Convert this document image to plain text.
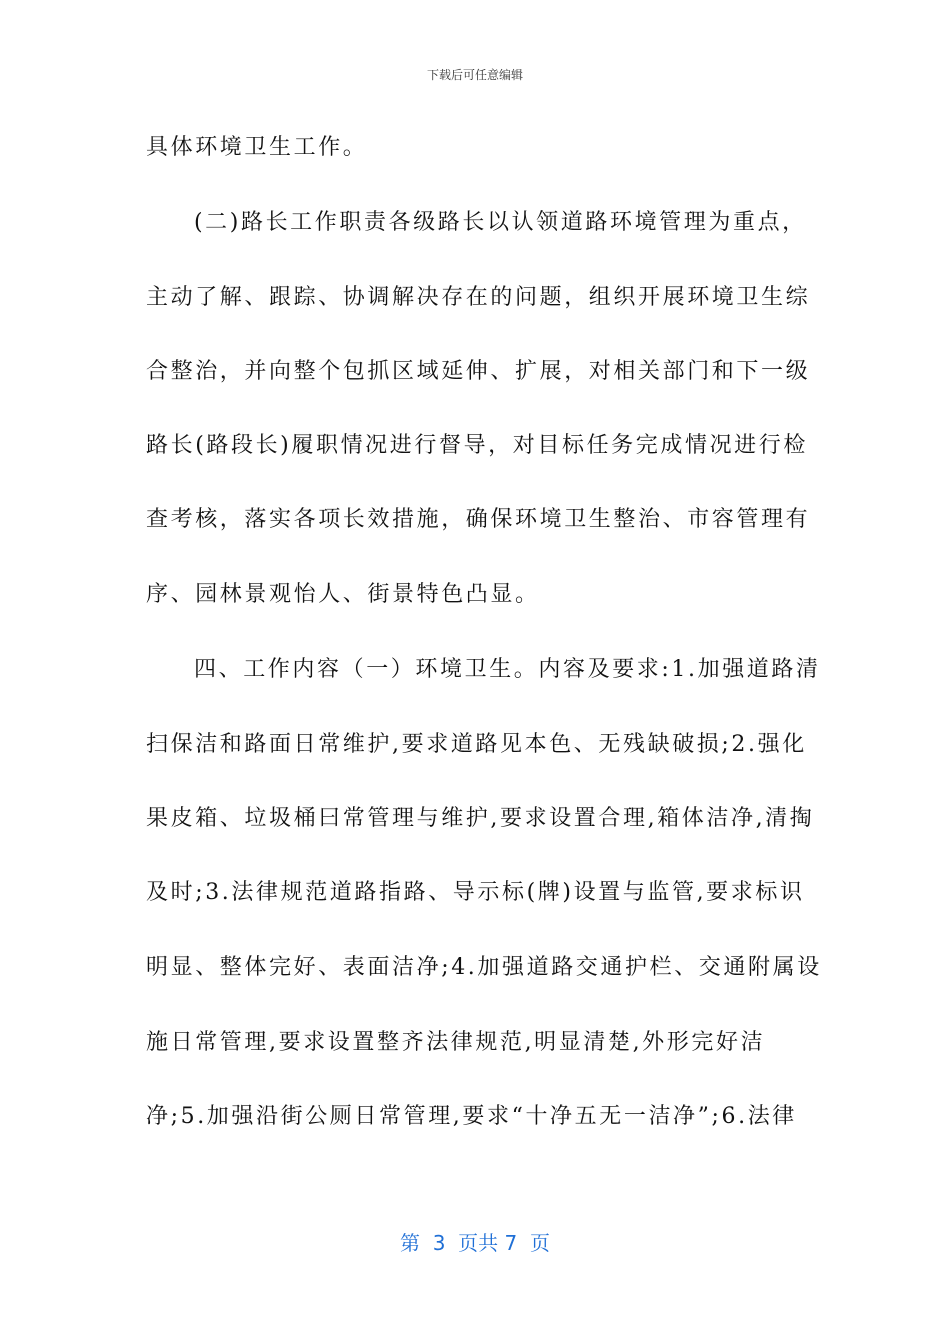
下载后可任意编辑
具体环境卫生工作。
(二)路长工作职责各级路长以认领道路环境管理为重点，
主动了解、跟踪、协调解决存在的问题，组织开展环境卫生综
合整治，并向整个包抓区域延伸、扩展，对相关部门和下一级
路长(路段长)履职情况进行督导，对目标任务完成情况进行检
查考核，落实各项长效措施，确保环境卫生整治、市容管理有
序、园林景观怡人、街景特色凸显。
四、工作内容（一）环境卫生。内容及要求:1.加强道路清
扫保洁和路面日常维护,要求道路见本色、无残缺破损;2.强化
果皮箱、垃圾桶曰常管理与维护,要求设置合理,箱体洁净,清掏
及时;3.法律规范道路指路、导示标(牌)设置与监管,要求标识
明显、整体完好、表面洁净;4.加强道路交通护栏、交通附属设
施日常管理,要求设置整齐法律规范,明显清楚,外形完好洁
净;5.加强沿街公厕日常管理,要求“十净五无一洁净”;6.法律
第  3  页共 7  页
